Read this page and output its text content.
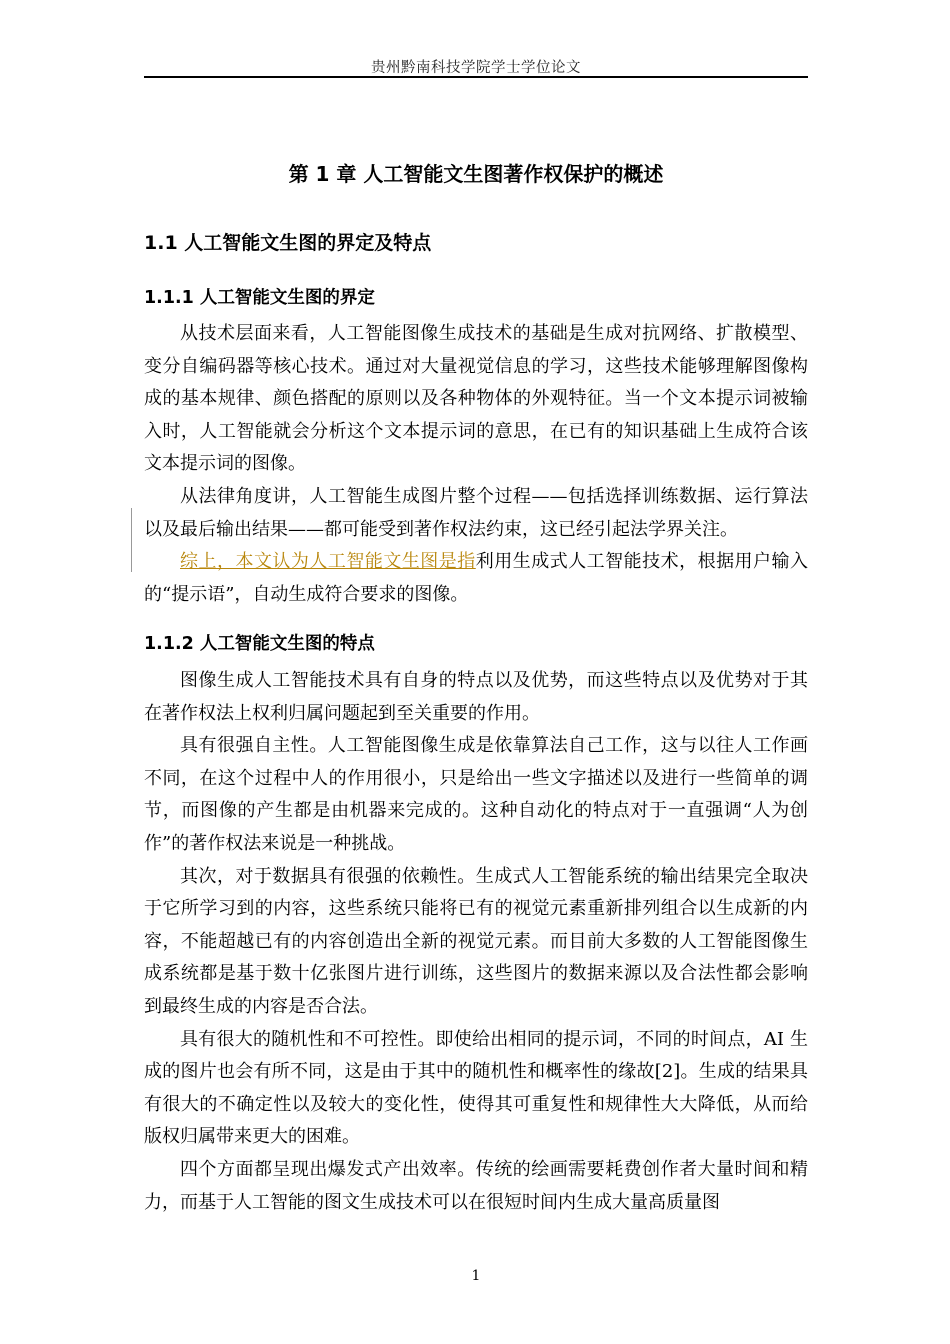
贵州黔南科技学院学士学位论文
第 1 章 人工智能文生图著作权保护的概述
1.1 人工智能文生图的界定及特点
1.1.1 人工智能文生图的界定

从技术层面来看，人工智能图像生成技术的基础是生成对抗网络、扩散模型、变分自编码器等核心技术。通过对大量视觉信息的学习，这些技术能够理解图像构成的基本规律、颜色搭配的原则以及各种物体的外观特征。当一个文本提示词被输入时，人工智能就会分析这个文本提示词的意思，在已有的知识基础上生成符合该文本提示词的图像。

从法律角度讲，人工智能生成图片整个过程——包括选择训练数据、运行算法以及最后输出结果——都可能受到著作权法约束，这已经引起法学界关注。

综上，本文认为人工智能文生图是指利用生成式人工智能技术，根据用户输入的“提示语”，自动生成符合要求的图像。

1.1.2 人工智能文生图的特点

图像生成人工智能技术具有自身的特点以及优势，而这些特点以及优势对于其在著作权法上权利归属问题起到至关重要的作用。

具有很强自主性。人工智能图像生成是依靠算法自己工作，这与以往人工作画不同，在这个过程中人的作用很小，只是给出一些文字描述以及进行一些简单的调节，而图像的产生都是由机器来完成的。这种自动化的特点对于一直强调“人为创作”的著作权法来说是一种挑战。

其次，对于数据具有很强的依赖性。生成式人工智能系统的输出结果完全取决于它所学习到的内容，这些系统只能将已有的视觉元素重新排列组合以生成新的内容，不能超越已有的内容创造出全新的视觉元素。而目前大多数的人工智能图像生成系统都是基于数十亿张图片进行训练，这些图片的数据来源以及合法性都会影响到最终生成的内容是否合法。

具有很大的随机性和不可控性。即使给出相同的提示词，不同的时间点，AI 生成的图片也会有所不同，这是由于其中的随机性和概率性的缘故[2]。生成的结果具有很大的不确定性以及较大的变化性，使得其可重复性和规律性大大降低，从而给版权归属带来更大的困难。

四个方面都呈现出爆发式产出效率。传统的绘画需要耗费创作者大量时间和精力，而基于人工智能的图文生成技术可以在很短时间内生成大量高质量图

1
